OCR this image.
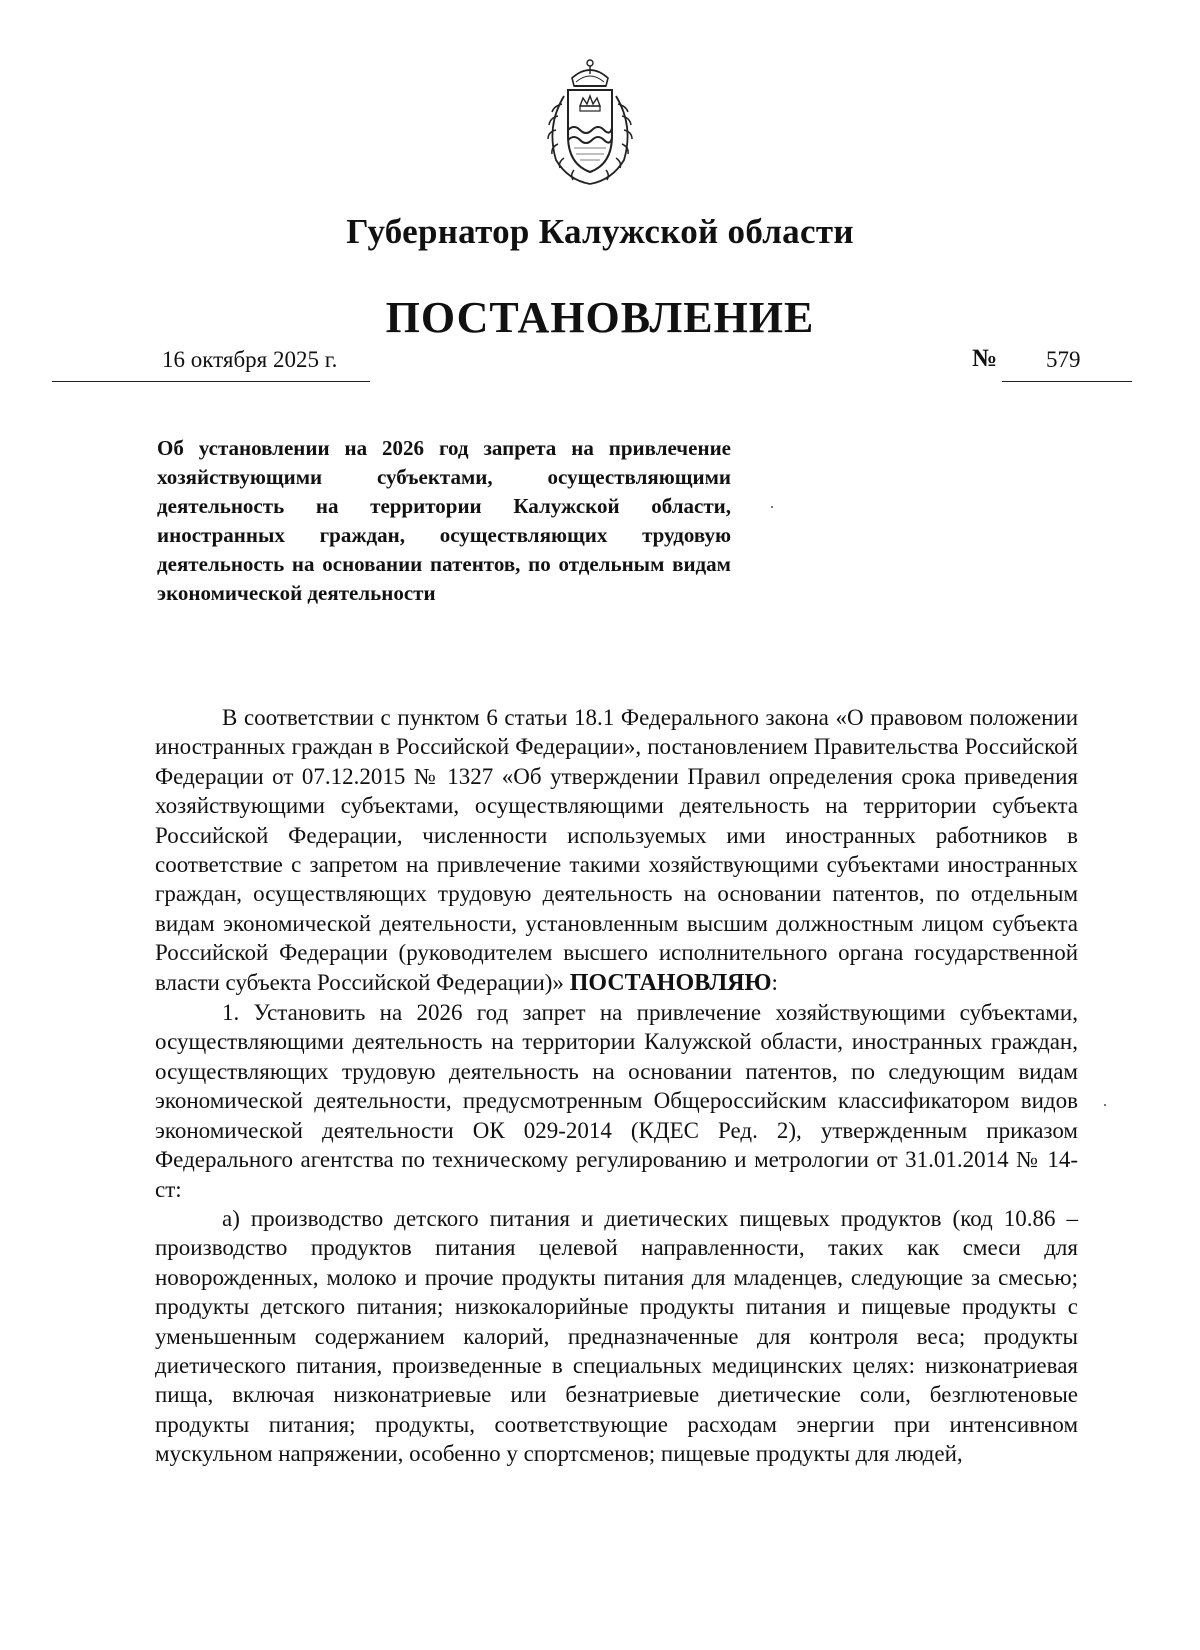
Губернатор Калужской области
ПОСТАНОВЛЕНИЕ
16 октября 2025 г.	№ 579
Об установлении на 2026 год запрета на привлечение хозяйствующими субъектами, осуществляющими деятельность на территории Калужской области, иностранных граждан, осуществляющих трудовую деятельность на основании патентов, по отдельным видам экономической деятельности

В соответствии с пунктом 6 статьи 18.1 Федерального закона «О правовом положении иностранных граждан в Российской Федерации», постановлением Правительства Российской Федерации от 07.12.2015 № 1327 «Об утверждении Правил определения срока приведения хозяйствующими субъектами, осуществляющими деятельность на территории субъекта Российской Федерации, численности используемых ими иностранных работников в соответствие с запретом на привлечение такими хозяйствующими субъектами иностранных граждан, осуществляющих трудовую деятельность на основании патентов, по отдельным видам экономической деятельности, установленным высшим должностным лицом субъекта Российской Федерации (руководителем высшего исполнительного органа государственной власти субъекта Российской Федерации)» ПОСТАНОВЛЯЮ:

1. Установить на 2026 год запрет на привлечение хозяйствующими субъектами, осуществляющими деятельность на территории Калужской области, иностранных граждан, осуществляющих трудовую деятельность на основании патентов, по следующим видам экономической деятельности, предусмотренным Общероссийским классификатором видов экономической деятельности ОК 029-2014 (КДЕС Ред. 2), утвержденным приказом Федерального агентства по техническому регулированию и метрологии от 31.01.2014 № 14-ст:

а) производство детского питания и диетических пищевых продуктов (код 10.86 – производство продуктов питания целевой направленности, таких как смеси для новорожденных, молоко и прочие продукты питания для младенцев, следующие за смесью; продукты детского питания; низкокалорийные продукты питания и пищевые продукты с уменьшенным содержанием калорий, предназначенные для контроля веса; продукты диетического питания, произведенные в специальных медицинских целях: низконатриевая пища, включая низконатриевые или безнатриевые диетические соли, безглютеновые продукты питания; продукты, соответствующие расходам энергии при интенсивном мускульном напряжении, особенно у спортсменов; пищевые продукты для людей,
